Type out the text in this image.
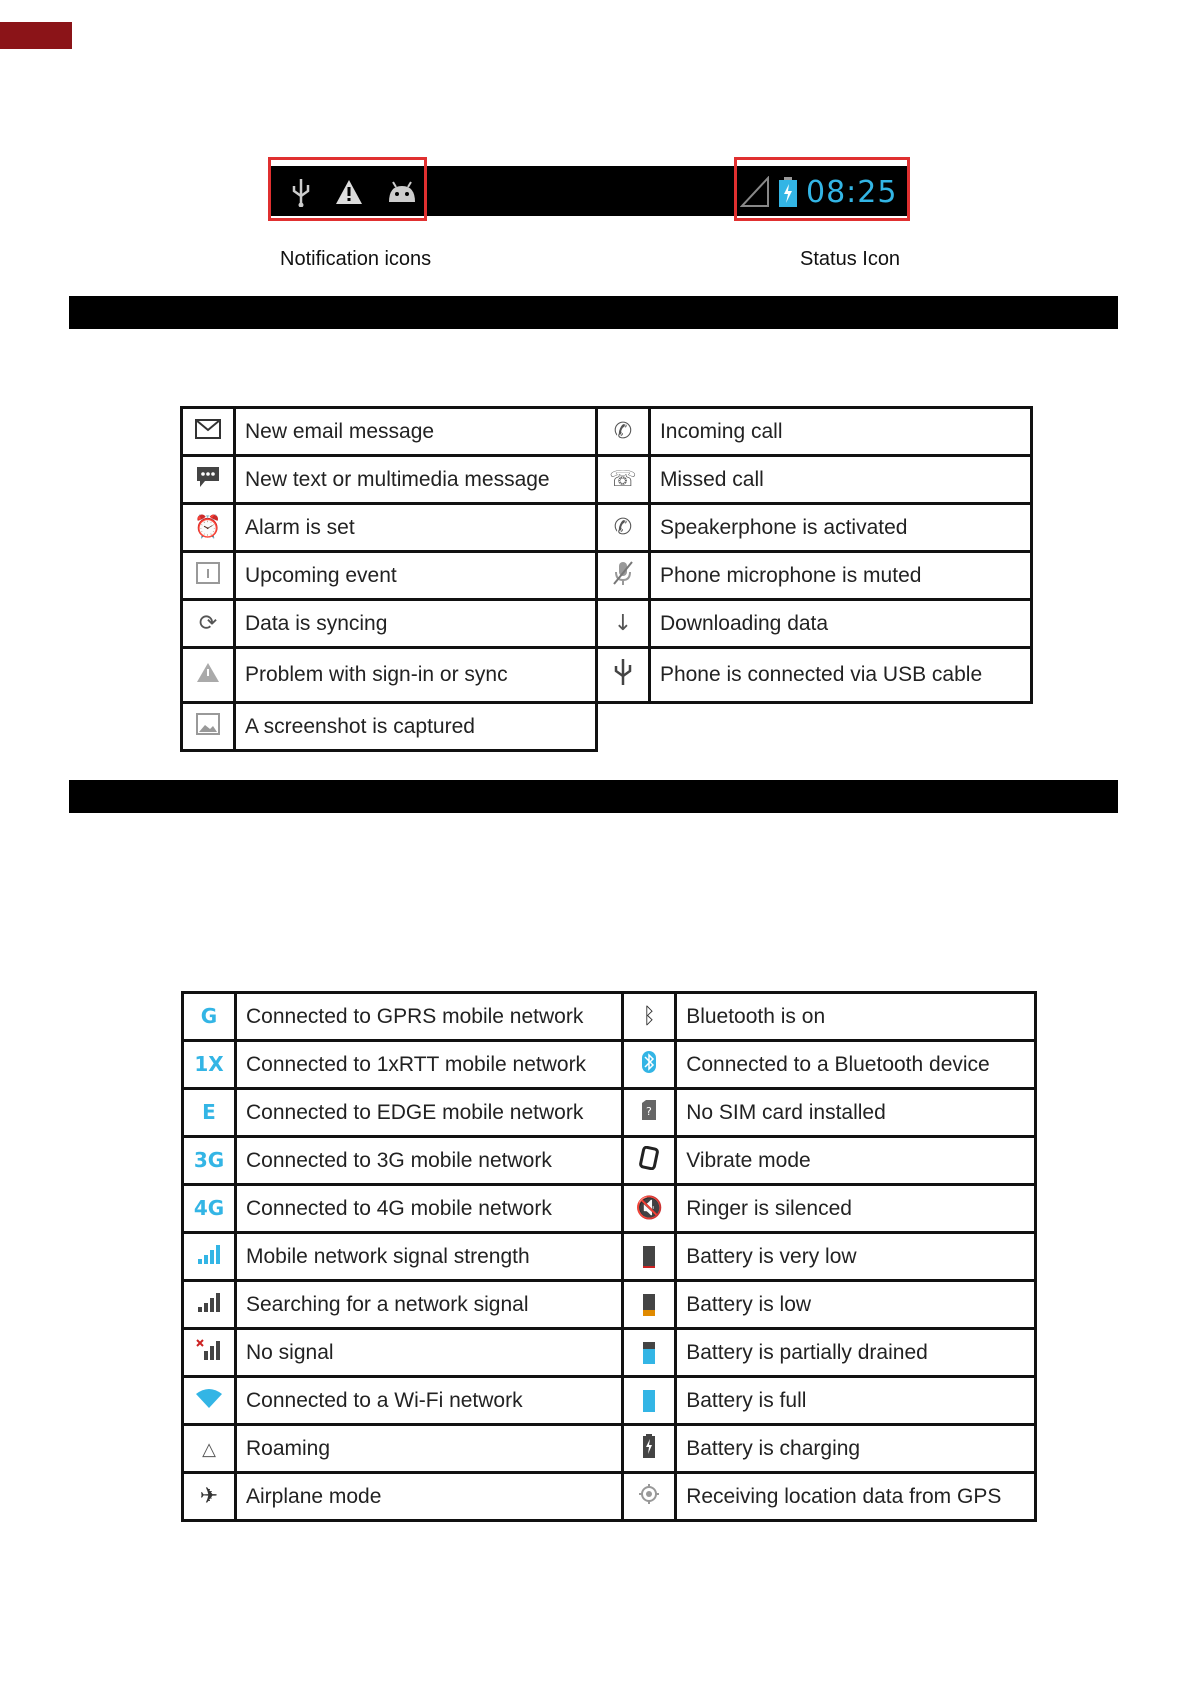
08:25
Notification icons	Status Icon
	New email message	✆	Incoming call
	New text or multimedia message	☏	Missed call
⏰	Alarm is set	✆	Speakerphone is activated
	Upcoming event		Phone microphone is muted
⟳	Data is syncing	↓	Downloading data
	Problem with sign-in or sync		Phone is connected via USB cable
	A screenshot is captured		
G	Connected to GPRS mobile network	ᛒ	Bluetooth is on
1X	Connected to 1xRTT mobile network		Connected to a Bluetooth device
E	Connected to EDGE mobile network	?	No SIM card installed
3G	Connected to 3G mobile network		Vibrate mode
4G	Connected to 4G mobile network	🔇	Ringer is silenced
	Mobile network signal strength		Battery is very low
	Searching for a network signal		Battery is low
	No signal		Battery is partially drained
	Connected to a Wi-Fi network		Battery is full
△	Roaming		Battery is charging
✈	Airplane mode		Receiving location data from GPS
